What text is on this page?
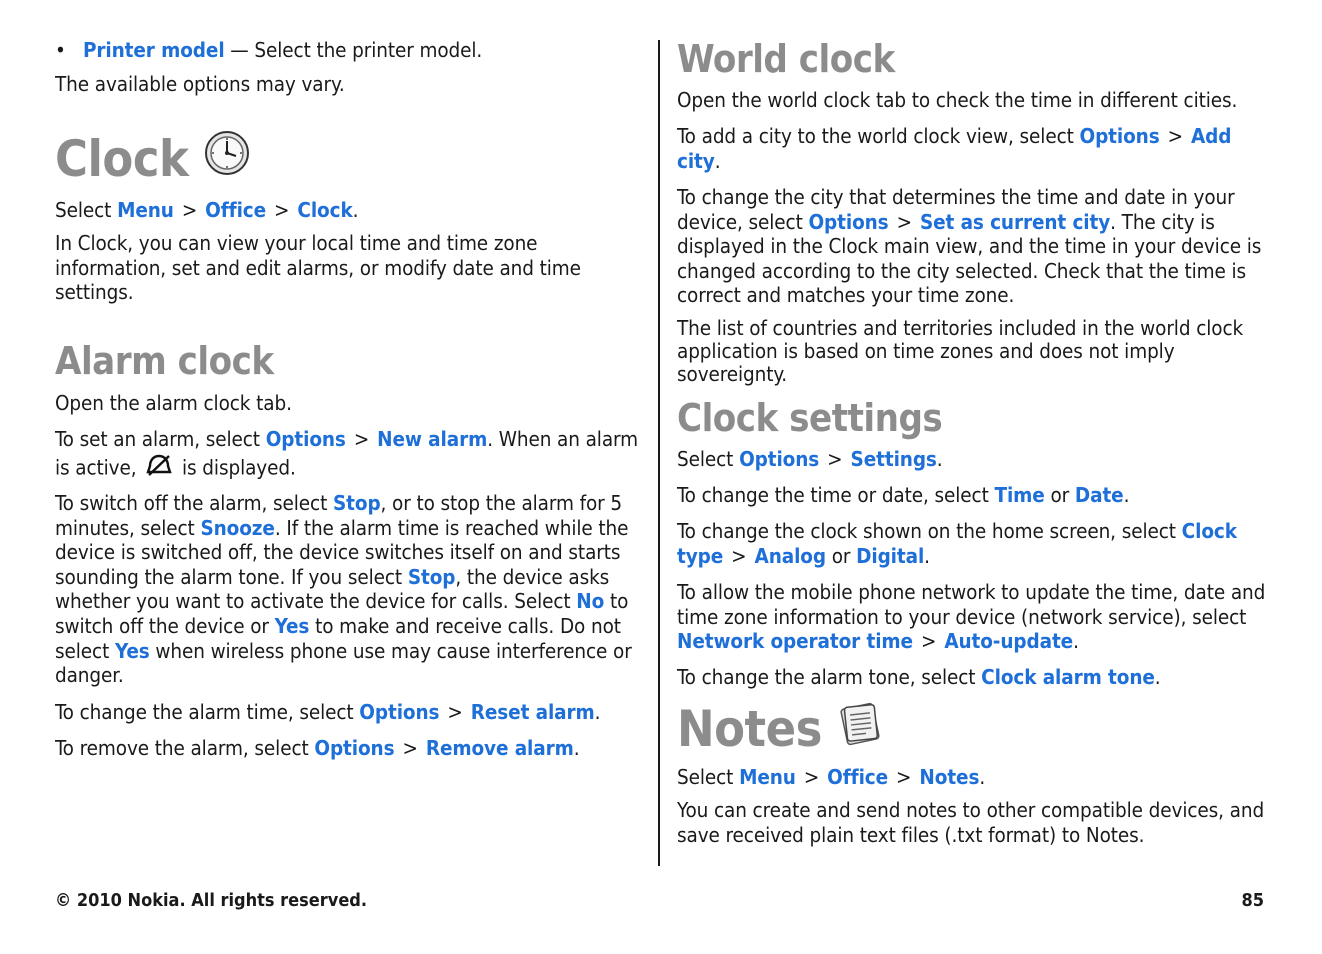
• Printer model — Select the printer model.

The available options may vary.

Clock

Select Menu > Office > Clock.

In Clock, you can view your local time and time zone information, set and edit alarms, or modify date and time settings.

Alarm clock

Open the alarm clock tab.

To set an alarm, select Options > New alarm. When an alarm is active,  is displayed.

To switch off the alarm, select Stop, or to stop the alarm for 5 minutes, select Snooze. If the alarm time is reached while the device is switched off, the device switches itself on and starts sounding the alarm tone. If you select Stop, the device asks whether you want to activate the device for calls. Select No to switch off the device or Yes to make and receive calls. Do not select Yes when wireless phone use may cause interference or danger.

To change the alarm time, select Options > Reset alarm.

To remove the alarm, select Options > Remove alarm.

World clock

Open the world clock tab to check the time in different cities.

To add a city to the world clock view, select Options > Add city.

To change the city that determines the time and date in your device, select Options > Set as current city. The city is displayed in the Clock main view, and the time in your device is changed according to the city selected. Check that the time is correct and matches your time zone.

The list of countries and territories included in the world clock application is based on time zones and does not imply sovereignty.

Clock settings

Select Options > Settings.

To change the time or date, select Time or Date.

To change the clock shown on the home screen, select Clock type > Analog or Digital.

To allow the mobile phone network to update the time, date and time zone information to your device (network service), select Network operator time > Auto-update.

To change the alarm tone, select Clock alarm tone.

Notes

Select Menu > Office > Notes.

You can create and send notes to other compatible devices, and save received plain text files (.txt format) to Notes.

© 2010 Nokia. All rights reserved.	85
